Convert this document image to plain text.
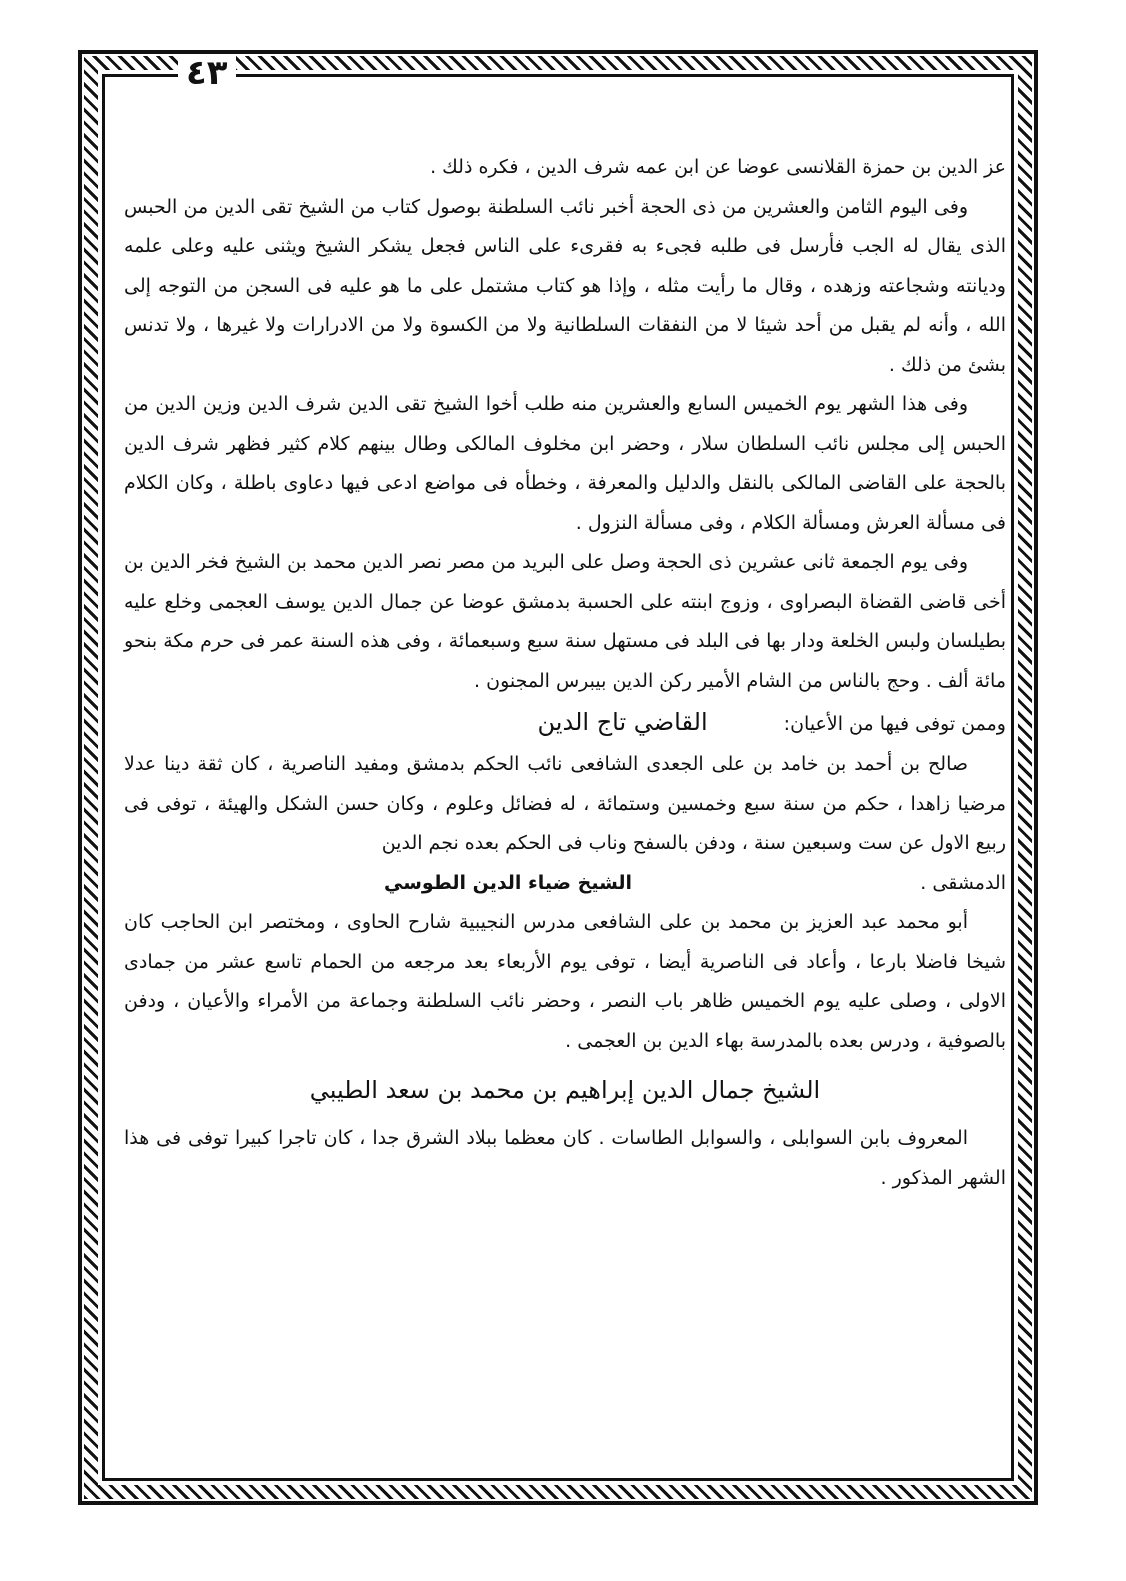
٤٣

عز الدين بن حمزة القلانسى عوضا عن ابن عمه شرف الدين ، فكره ذلك .

وفى اليوم الثامن والعشرين من ذى الحجة أخبر نائب السلطنة بوصول كتاب من الشيخ تقى الدين من الحبس الذى يقال له الجب فأرسل فى طلبه فجىء به فقرىء على الناس فجعل يشكر الشيخ ويثنى عليه وعلى علمه وديانته وشجاعته وزهده ، وقال ما رأيت مثله ، وإذا هو كتاب مشتمل على ما هو عليه فى السجن من التوجه إلى الله ، وأنه لم يقبل من أحد شيئا لا من النفقات السلطانية ولا من الكسوة ولا من الادرارات ولا غيرها ، ولا تدنس بشئ من ذلك .

وفى هذا الشهر يوم الخميس السابع والعشرين منه طلب أخوا الشيخ تقى الدين شرف الدين وزين الدين من الحبس إلى مجلس نائب السلطان سلار ، وحضر ابن مخلوف المالكى وطال بينهم كلام كثير فظهر شرف الدين بالحجة على القاضى المالكى بالنقل والدليل والمعرفة ، وخطأه فى مواضع ادعى فيها دعاوى باطلة ، وكان الكلام فى مسألة العرش ومسألة الكلام ، وفى مسألة النزول .

وفى يوم الجمعة ثانى عشرين ذى الحجة وصل على البريد من مصر نصر الدين محمد بن الشيخ فخر الدين بن أخى قاضى القضاة البصراوى ، وزوج ابنته على الحسبة بدمشق عوضا عن جمال الدين يوسف العجمى وخلع عليه بطيلسان ولبس الخلعة ودار بها فى البلد فى مستهل سنة سبع وسبعمائة ، وفى هذه السنة عمر فى حرم مكة بنحو مائة ألف . وحج بالناس من الشام الأمير ركن الدين بيبرس المجنون .

وممن توفى فيها من الأعيان: القاضي تاج الدين

صالح بن أحمد بن خامد بن على الجعدى الشافعى نائب الحكم بدمشق ومفيد الناصرية ، كان ثقة دينا عدلا مرضيا زاهدا ، حكم من سنة سبع وخمسين وستمائة ، له فضائل وعلوم ، وكان حسن الشكل والهيئة ، توفى فى ربيع الاول عن ست وسبعين سنة ، ودفن بالسفح وناب فى الحكم بعده نجم الدين

الدمشقى .
الشيخ ضياء الدين الطوسي

أبو محمد عبد العزيز بن محمد بن على الشافعى مدرس النجيبية شارح الحاوى ، ومختصر ابن الحاجب كان شيخا فاضلا بارعا ، وأعاد فى الناصرية أيضا ، توفى يوم الأربعاء بعد مرجعه من الحمام تاسع عشر من جمادى الاولى ، وصلى عليه يوم الخميس ظاهر باب النصر ، وحضر نائب السلطنة وجماعة من الأمراء والأعيان ، ودفن بالصوفية ، ودرس بعده بالمدرسة بهاء الدين بن العجمى .

الشيخ جمال الدين إبراهيم بن محمد بن سعد الطيبي

المعروف بابن السوابلى ، والسوابل الطاسات . كان معظما ببلاد الشرق جدا ، كان تاجرا كبيرا توفى فى هذا الشهر المذكور .
